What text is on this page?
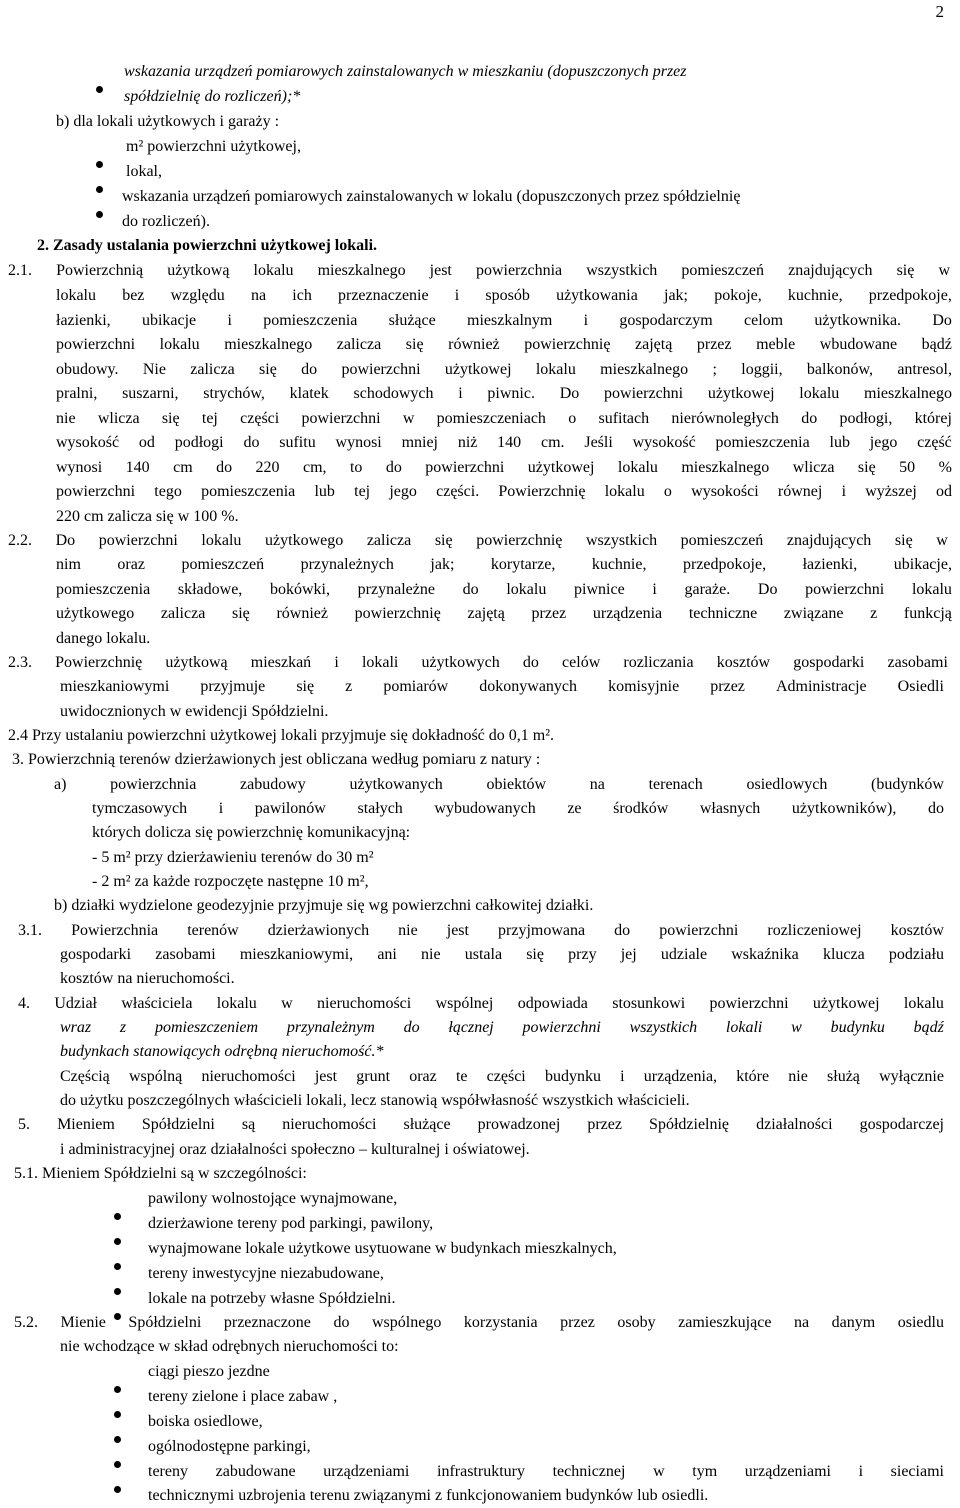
2
wskazania urządzeń pomiarowych zainstalowanych w mieszkaniu (dopuszczonych przez
spółdzielnię do rozliczeń);*
b) dla lokali użytkowych i garaży :
m² powierzchni użytkowej,
lokal,
wskazania urządzeń pomiarowych zainstalowanych w lokalu (dopuszczonych przez spółdzielnię
do rozliczeń).
2. Zasady ustalania powierzchni użytkowej lokali.
2.1. Powierzchnią użytkową lokalu mieszkalnego jest powierzchnia wszystkich pomieszczeń znajdujących się w
lokalu bez względu na ich przeznaczenie i sposób użytkowania jak; pokoje, kuchnie, przedpokoje,
łazienki, ubikacje i pomieszczenia służące mieszkalnym i gospodarczym celom użytkownika. Do
powierzchni lokalu mieszkalnego zalicza się również powierzchnię zajętą przez meble wbudowane bądź
obudowy. Nie zalicza się do powierzchni użytkowej lokalu mieszkalnego ; loggii, balkonów, antresol,
pralni, suszarni, strychów, klatek schodowych i piwnic. Do powierzchni użytkowej lokalu mieszkalnego
nie wlicza się tej części powierzchni w pomieszczeniach o sufitach nierównoległych do podłogi, której
wysokość od podłogi do sufitu wynosi mniej niż 140 cm. Jeśli wysokość pomieszczenia lub jego część
wynosi 140 cm do 220 cm, to do powierzchni użytkowej lokalu mieszkalnego wlicza się 50 %
powierzchni tego pomieszczenia lub tej jego części. Powierzchnię lokalu o wysokości równej i wyższej od
220 cm zalicza się w 100 %.
2.2. Do powierzchni lokalu użytkowego zalicza się powierzchnię wszystkich pomieszczeń znajdujących się w
nim oraz pomieszczeń przynależnych jak; korytarze, kuchnie, przedpokoje, łazienki, ubikacje,
pomieszczenia składowe, bokówki, przynależne do lokalu piwnice i garaże. Do powierzchni lokalu
użytkowego zalicza się również powierzchnię zajętą przez urządzenia techniczne związane z funkcją
danego lokalu.
2.3. Powierzchnię użytkową mieszkań i lokali użytkowych do celów rozliczania kosztów gospodarki zasobami
mieszkaniowymi przyjmuje się z pomiarów dokonywanych komisyjnie przez Administracje Osiedli
uwidocznionych w ewidencji Spółdzielni.
2.4 Przy ustalaniu powierzchni użytkowej lokali przyjmuje się dokładność do 0,1 m².
3. Powierzchnią terenów dzierżawionych jest obliczana według pomiaru z natury :
a)	powierzchnia	zabudowy	użytkowanych	obiektów	na	terenach	osiedlowych	(budynków
tymczasowych i pawilonów stałych wybudowanych ze środków własnych użytkowników), do
których dolicza się powierzchnię komunikacyjną:
- 5 m² przy dzierżawieniu terenów do 30 m²
- 2 m² za każde rozpoczęte następne 10 m²,
b) działki wydzielone geodezyjnie przyjmuje się wg powierzchni całkowitej działki.
3.1. Powierzchnia terenów dzierżawionych nie jest przyjmowana do powierzchni rozliczeniowej kosztów
gospodarki zasobami mieszkaniowymi, ani nie ustala się przy jej udziale wskaźnika klucza podziału
kosztów na nieruchomości.
4. Udział właściciela lokalu w nieruchomości wspólnej odpowiada stosunkowi powierzchni użytkowej lokalu
wraz z pomieszczeniem przynależnym do łącznej powierzchni wszystkich lokali w budynku bądź
budynkach stanowiących odrębną nieruchomość.*
Częścią wspólną nieruchomości jest grunt oraz te części budynku i urządzenia, które nie służą wyłącznie
do użytku poszczególnych właścicieli lokali, lecz stanowią współwłasność wszystkich właścicieli.
5. Mieniem Spółdzielni są nieruchomości służące prowadzonej przez Spółdzielnię działalności gospodarczej
i administracyjnej oraz działalności społeczno – kulturalnej i oświatowej.
5.1. Mieniem Spółdzielni są w szczególności:
pawilony wolnostojące wynajmowane,
dzierżawione tereny pod parkingi, pawilony,
wynajmowane lokale użytkowe usytuowane w budynkach mieszkalnych,
tereny inwestycyjne niezabudowane,
lokale na potrzeby własne Spółdzielni.
5.2. Mienie Spółdzielni przeznaczone do wspólnego korzystania przez osoby zamieszkujące na danym osiedlu
nie wchodzące w skład odrębnych nieruchomości to:
ciągi pieszo jezdne
tereny zielone i place zabaw ,
boiska osiedlowe,
ogólnodostępne parkingi,
tereny zabudowane urządzeniami infrastruktury technicznej w tym urządzeniami i sieciami
technicznymi uzbrojenia terenu związanymi z funkcjonowaniem budynków lub osiedli.
